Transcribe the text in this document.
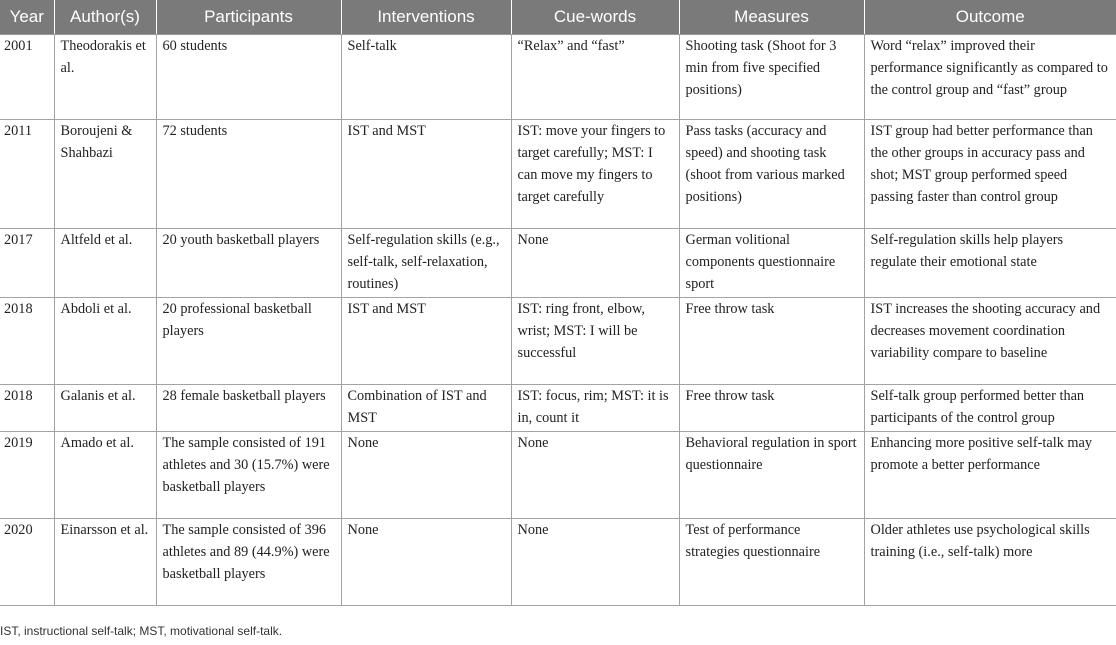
Year	Author(s)	Participants	Interventions	Cue-words	Measures	Outcome
2001	Theodorakis et al.	60 students	Self-talk	“Relax” and “fast”	Shooting task (Shoot for 3 min from five specified positions)	Word “relax” improved their performance significantly as compared to the control group and “fast” group
2011	Boroujeni & Shahbazi	72 students	IST and MST	IST: move your fingers to target carefully; MST: I can move my fingers to target carefully	Pass tasks (accuracy and speed) and shooting task (shoot from various marked positions)	IST group had better performance than the other groups in accuracy pass and shot; MST group performed speed passing faster than control group
2017	Altfeld et al.	20 youth basketball players	Self-regulation skills (e.g., self-talk, self-relaxation, routines)	None	German volitional components questionnaire sport	Self-regulation skills help players regulate their emotional state
2018	Abdoli et al.	20 professional basketball players	IST and MST	IST: ring front, elbow, wrist; MST: I will be successful	Free throw task	IST increases the shooting accuracy and decreases movement coordination variability compare to baseline
2018	Galanis et al.	28 female basketball players	Combination of IST and MST	IST: focus, rim; MST: it is in, count it	Free throw task	Self-talk group performed better than participants of the control group
2019	Amado et al.	The sample consisted of 191 athletes and 30 (15.7%) were basketball players	None	None	Behavioral regulation in sport questionnaire	Enhancing more positive self-talk may promote a better performance
2020	Einarsson et al.	The sample consisted of 396 athletes and 89 (44.9%) were basketball players	None	None	Test of performance strategies questionnaire	Older athletes use psychological skills training (i.e., self-talk) more
IST, instructional self-talk; MST, motivational self-talk.
